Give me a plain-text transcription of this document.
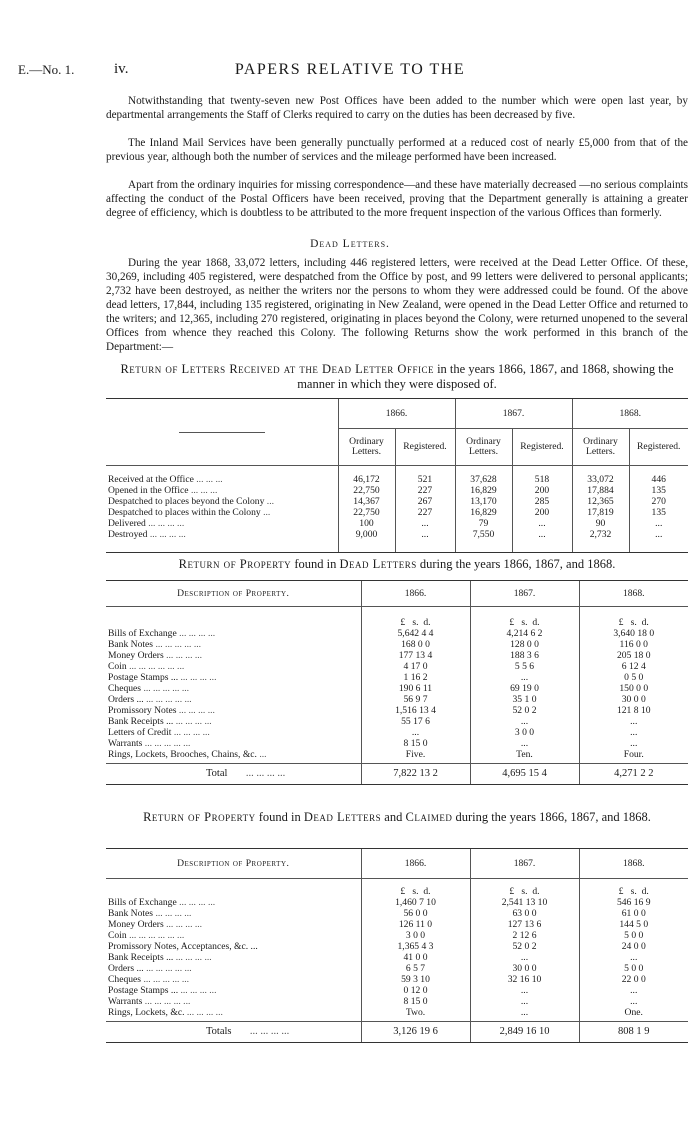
E.—No. 1.	iv.	PAPERS RELATIVE TO THE

Notwithstanding that twenty-seven new Post Offices have been added to the number which were open last year, by departmental arrangements the Staff of Clerks required to carry on the duties has been decreased by five.

The Inland Mail Services have been generally punctually performed at a reduced cost of nearly £5,000 from that of the previous year, although both the number of services and the mileage performed have been increased.

Apart from the ordinary inquiries for missing correspondence—and these have materially decreased —no serious complaints affecting the conduct of the Postal Officers have been received, proving that the Department generally is attaining a greater degree of efficiency, which is doubtless to be attributed to the more frequent inspection of the various Offices than formerly.

Dead Letters.

During the year 1868, 33,072 letters, including 446 registered letters, were received at the Dead Letter Office. Of these, 30,269, including 405 registered, were despatched from the Office by post, and 99 letters were delivered to personal applicants; 2,732 have been destroyed, as neither the writers nor the persons to whom they were addressed could be found. Of the above dead letters, 17,844, including 135 registered, originating in New Zealand, were opened in the Dead Letter Office and returned to the writers; and 12,365, including 270 registered, originating in places beyond the Colony, were returned unopened to the several Offices from whence they reached this Colony. The following Returns show the work performed in this branch of the Department:—

Return of Letters Received at the Dead Letter Office in the years 1866, 1867, and 1868, showing the manner in which they were disposed of.
	1866.		1867.		1868.	
	Ordinary Letters.	Registered.	Ordinary Letters.	Registered.	Ordinary Letters.	Registered.

Received at the Office ... ... ...	46,172	521	37,628	518	33,072	446
Opened in the Office ... ... ...	22,750	227	16,829	200	17,884	135
Despatched to places beyond the Colony ...	14,367	267	13,170	285	12,365	270
Despatched to places within the Colony ...	22,750	227	16,829	200	17,819	135
Delivered ... ... ... ...	100	...	79	...	90	...
Destroyed ... ... ... ...	9,000	...	7,550	...	2,732	...

Return of Property found in Dead Letters during the years 1866, 1867, and 1868.
Description of Property.	1866.	1867.	1868.
	£ s. d.	£ s. d.	£ s. d.
Bills of Exchange ... ... ... ...	5,642 4 4	4,214 6 2	3,640 18 0
Bank Notes ... ... ... ... ...	168 0 0	128 0 0	116 0 0
Money Orders ... ... ... ...	177 13 4	188 3 6	205 18 0
Coin ... ... ... ... ... ...	4 17 0	5 5 6	6 12 4
Postage Stamps ... ... ... ... ...	1 16 2	...	0 5 0
Cheques ... ... ... ... ...	190 6 11	69 19 0	150 0 0
Orders ... ... ... ... ... ...	56 9 7	35 1 0	30 0 0
Promissory Notes ... ... ... ...	1,516 13 4	52 0 2	121 8 10
Bank Receipts ... ... ... ... ...	55 17 6	...	...
Letters of Credit ... ... ... ...	...	3 0 0	...
Warrants ... ... ... ... ...	8 15 0	...	...
Rings, Lockets, Brooches, Chains, &c. ...	Five.	Ten.	Four.
Total ... ... ... ...	7,822 13 2	4,695 15 4	4,271 2 2
Return of Property found in Dead Letters and Claimed during the years 1866, 1867, and 1868.
Description of Property.	1866.	1867.	1868.
	£ s. d.	£ s. d.	£ s. d.
Bills of Exchange ... ... ... ...	1,460 7 10	2,541 13 10	546 16 9
Bank Notes ... ... ... ...	56 0 0	63 0 0	61 0 0
Money Orders ... ... ... ...	126 11 0	127 13 6	144 5 0
Coin ... ... ... ... ... ...	3 0 0	2 12 6	5 0 0
Promissory Notes, Acceptances, &c. ...	1,365 4 3	52 0 2	24 0 0
Bank Receipts ... ... ... ... ...	41 0 0	...	...
Orders ... ... ... ... ... ...	6 5 7	30 0 0	5 0 0
Cheques ... ... ... ... ...	59 3 10	32 16 10	22 0 0
Postage Stamps ... ... ... ... ...	0 12 0	...	...
Warrants ... ... ... ... ...	8 15 0	...	...
Rings, Lockets, &c. ... ... ... ...	Two.	...	One.
Totals ... ... ... ...	3,126 19 6	2,849 16 10	808 1 9
